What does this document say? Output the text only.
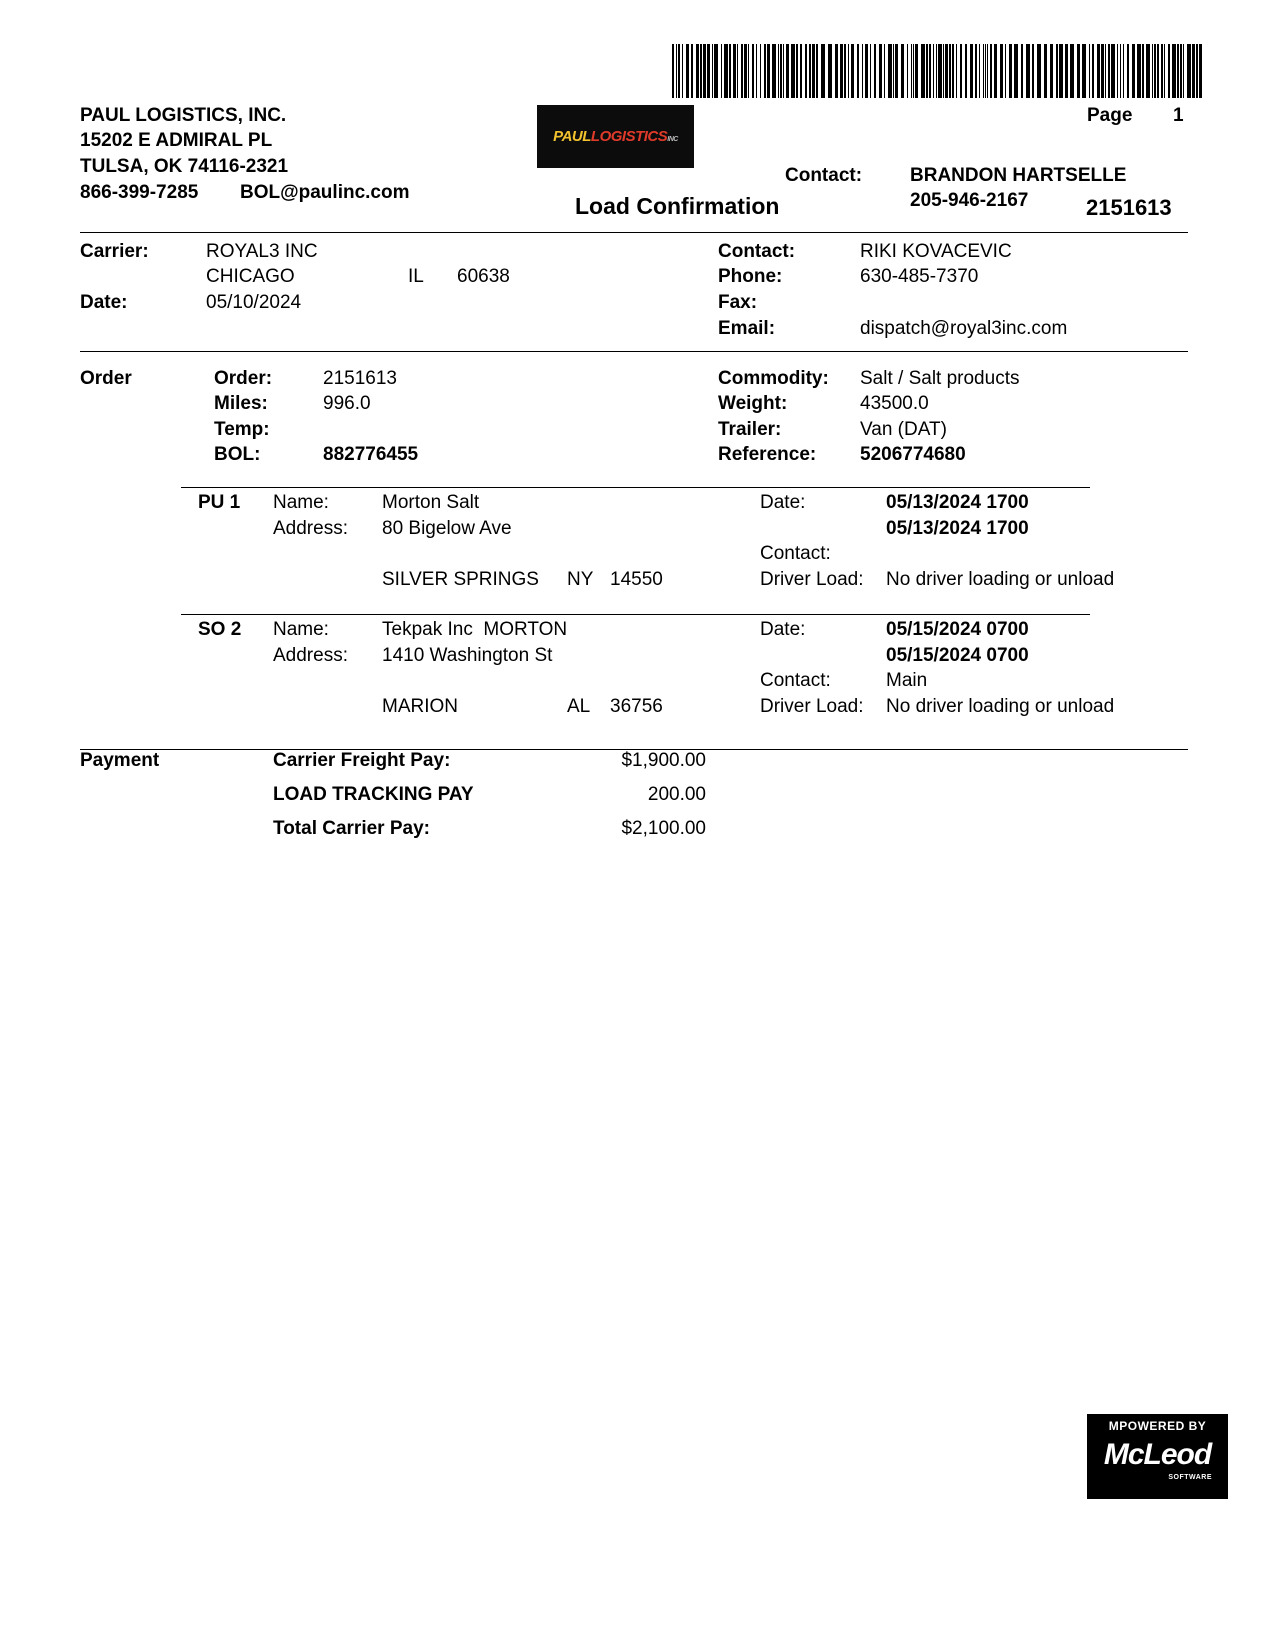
PAUL LOGISTICS, INC.
15202 E ADMIRAL PL
TULSA, OK 74116-2321
866-399-7285 BOL@paulinc.com
PAULLOGISTICSINC
Page 1
Contact:	BRANDON HARTSELLE
205-946-2167
Load Confirmation	2151613
Carrier:	ROYAL3 INC
CHICAGO	IL 60638
Date:	05/10/2024
Contact:	RIKI KOVACEVIC
Phone:	630-485-7370
Fax:
Email:	dispatch@royal3inc.com
Order	Order:	2151613
Miles:	996.0
Temp:
BOL:	882776455
Commodity: Salt / Salt products
Weight:	43500.0
Trailer:	Van (DAT)
Reference: 5206774680
PU 1 Name:	Morton Salt
Address: 80 Bigelow Ave
SILVER SPRINGS NY 14550
Date:	05/13/2024 1700
05/13/2024 1700
Contact:
Driver Load: No driver loading or unload
SO 2 Name:	Tekpak Inc  MORTON
Address: 1410 Washington St
MARION	AL 36756
Date:	05/15/2024 0700
05/15/2024 0700
Contact:	Main
Driver Load: No driver loading or unload
Payment	Carrier Freight Pay:	$1,900.00
LOAD TRACKING PAY	200.00
Total Carrier Pay:	$2,100.00
MPOWERED BY
McLeod
SOFTWARE
